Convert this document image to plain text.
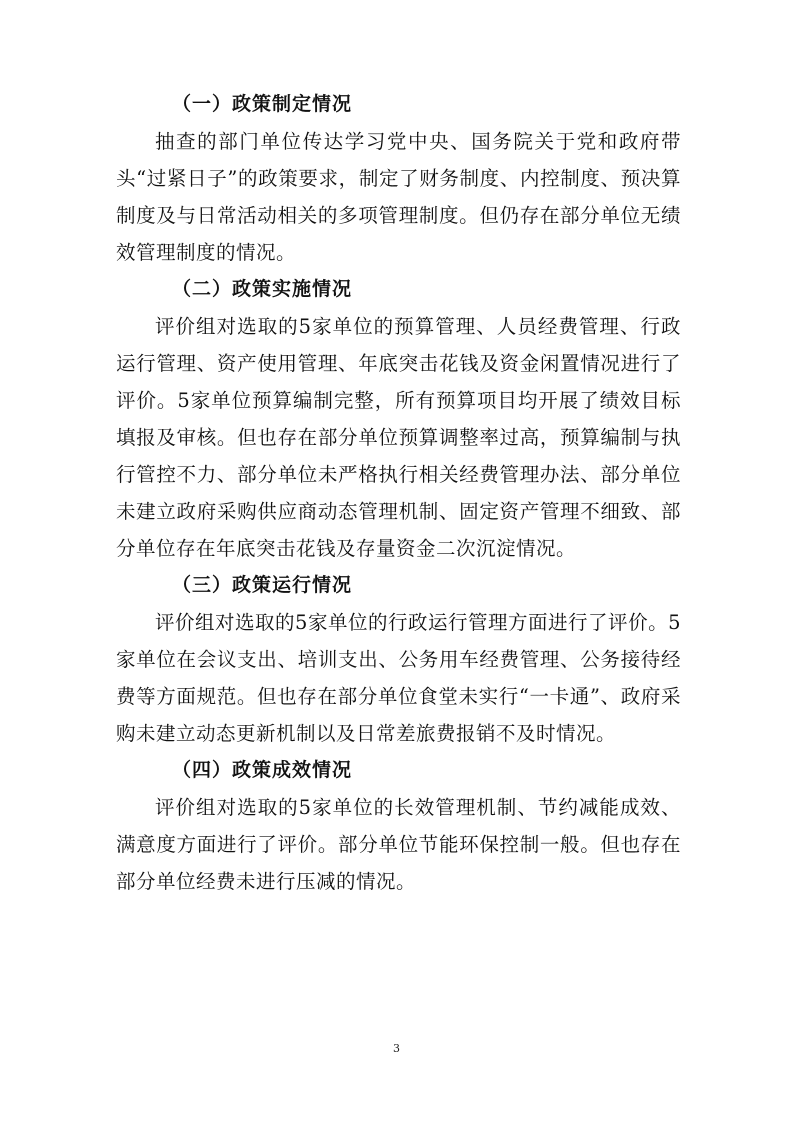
（一）政策制定情况

抽查的部门单位传达学习党中央、国务院关于党和政府带头“过紧日子”的政策要求，制定了财务制度、内控制度、预决算制度及与日常活动相关的多项管理制度。但仍存在部分单位无绩效管理制度的情况。

（二）政策实施情况

评价组对选取的5家单位的预算管理、人员经费管理、行政运行管理、资产使用管理、年底突击花钱及资金闲置情况进行了评价。5家单位预算编制完整，所有预算项目均开展了绩效目标填报及审核。但也存在部分单位预算调整率过高，预算编制与执行管控不力、部分单位未严格执行相关经费管理办法、部分单位未建立政府采购供应商动态管理机制、固定资产管理不细致、部分单位存在年底突击花钱及存量资金二次沉淀情况。

（三）政策运行情况

评价组对选取的5家单位的行政运行管理方面进行了评价。5家单位在会议支出、培训支出、公务用车经费管理、公务接待经费等方面规范。但也存在部分单位食堂未实行“一卡通”、政府采购未建立动态更新机制以及日常差旅费报销不及时情况。

（四）政策成效情况

评价组对选取的5家单位的长效管理机制、节约减能成效、满意度方面进行了评价。部分单位节能环保控制一般。但也存在部分单位经费未进行压减的情况。

3
